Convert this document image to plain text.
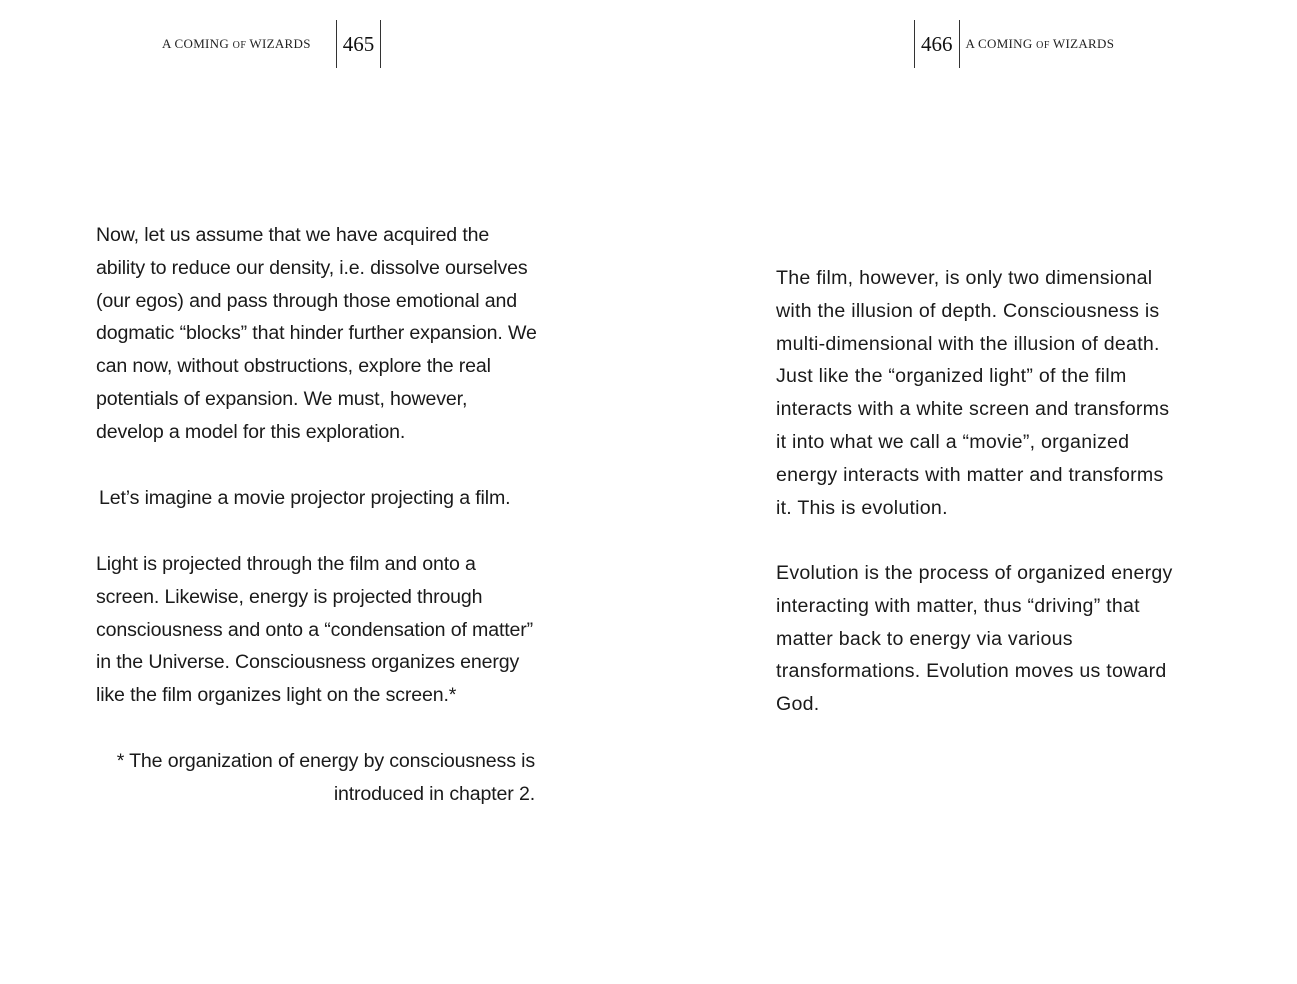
A COMING OF WIZARDS 465

Now, let us assume that we have acquired the ability to reduce our density, i.e. dissolve ourselves (our egos) and pass through those emotional and dogmatic “blocks” that hinder further expansion. We can now, without obstructions, explore the real potentials of expansion. We must, however, develop a model for this exploration.

Let’s imagine a movie projector projecting a film.

Light is projected through the film and onto a screen. Likewise, energy is projected through consciousness and onto a “condensation of matter” in the Universe. Consciousness organizes energy like the film organizes light on the screen.*

* The organization of energy by consciousness is introduced in chapter 2.
466	A COMING OF WIZARDS

The film, however, is only two dimensional with the illusion of depth. Consciousness is multi-dimensional with the illusion of death. Just like the “organized light” of the film interacts with a white screen and transforms it into what we call a “movie”, organized energy interacts with matter and transforms it. This is evolution.

Evolution is the process of organized energy interacting with matter, thus “driving” that matter back to energy via various transformations. Evolution moves us toward God.
